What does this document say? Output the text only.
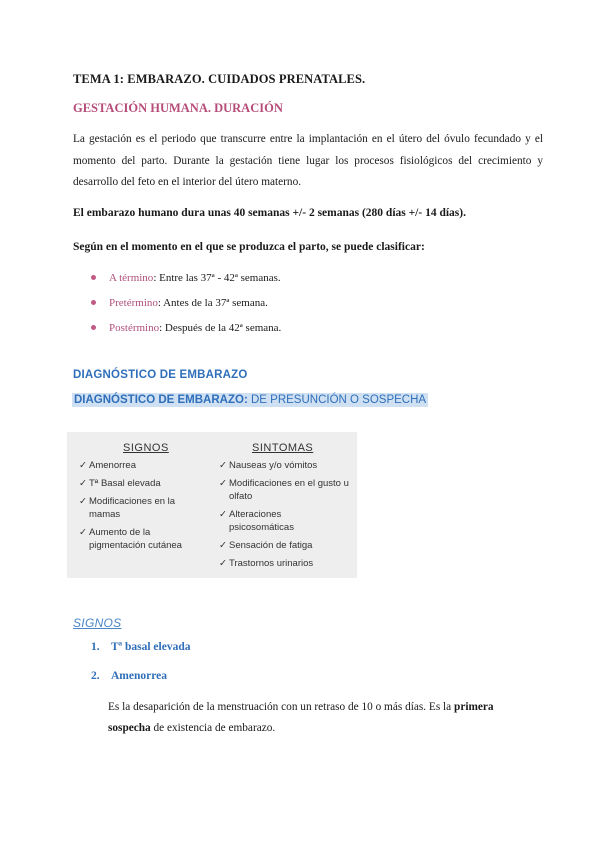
TEMA 1: EMBARAZO. CUIDADOS PRENATALES.
GESTACIÓN HUMANA. DURACIÓN
La gestación es el periodo que transcurre entre la implantación en el útero del óvulo fecundado y el momento del parto. Durante la gestación tiene lugar los procesos fisiológicos del crecimiento y desarrollo del feto en el interior del útero materno.
El embarazo humano dura unas 40 semanas +/- 2 semanas (280 días +/- 14 días).
Según en el momento en el que se produzca el parto, se puede clasificar:
A término: Entre las 37ª - 42ª semanas.
Pretérmino: Antes de la 37ª semana.
Postérmino: Después de la 42ª semana.
DIAGNÓSTICO DE EMBARAZO
DIAGNÓSTICO DE EMBARAZO: DE PRESUNCIÓN O SOSPECHA
SIGNOS	SINTOMAS
✓ Amenorrea
✓ Tª Basal elevada
✓ Modificaciones en la mamas
✓ Aumento de la pigmentación cutánea
✓ Nauseas y/o vómitos
✓ Modificaciones en el gusto u olfato
✓ Alteraciones psicosomáticas
✓ Sensación de fatiga
✓ Trastornos urinarios
SIGNOS
1. Tª basal elevada
2. Amenorrea
Es la desaparición de la menstruación con un retraso de 10 o más días. Es la primera sospecha de existencia de embarazo.
